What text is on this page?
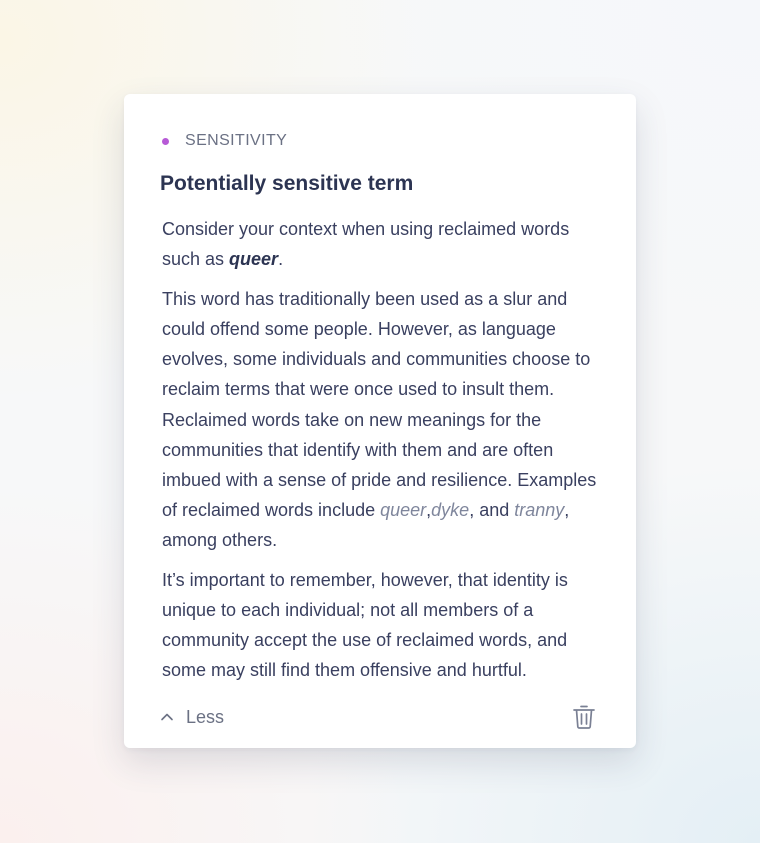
SENSITIVITY
Potentially sensitive term

Consider your context when using reclaimed words such as queer.

This word has traditionally been used as a slur and could offend some people. However, as language evolves, some individuals and communities choose to reclaim terms that were once used to insult them. Reclaimed words take on new meanings for the communities that identify with them and are often imbued with a sense of pride and resilience. Examples of reclaimed words include queer,dyke, and tranny, among others.

It’s important to remember, however, that identity is unique to each individual; not all members of a community accept the use of reclaimed words, and some may still find them offensive and hurtful.

Less
